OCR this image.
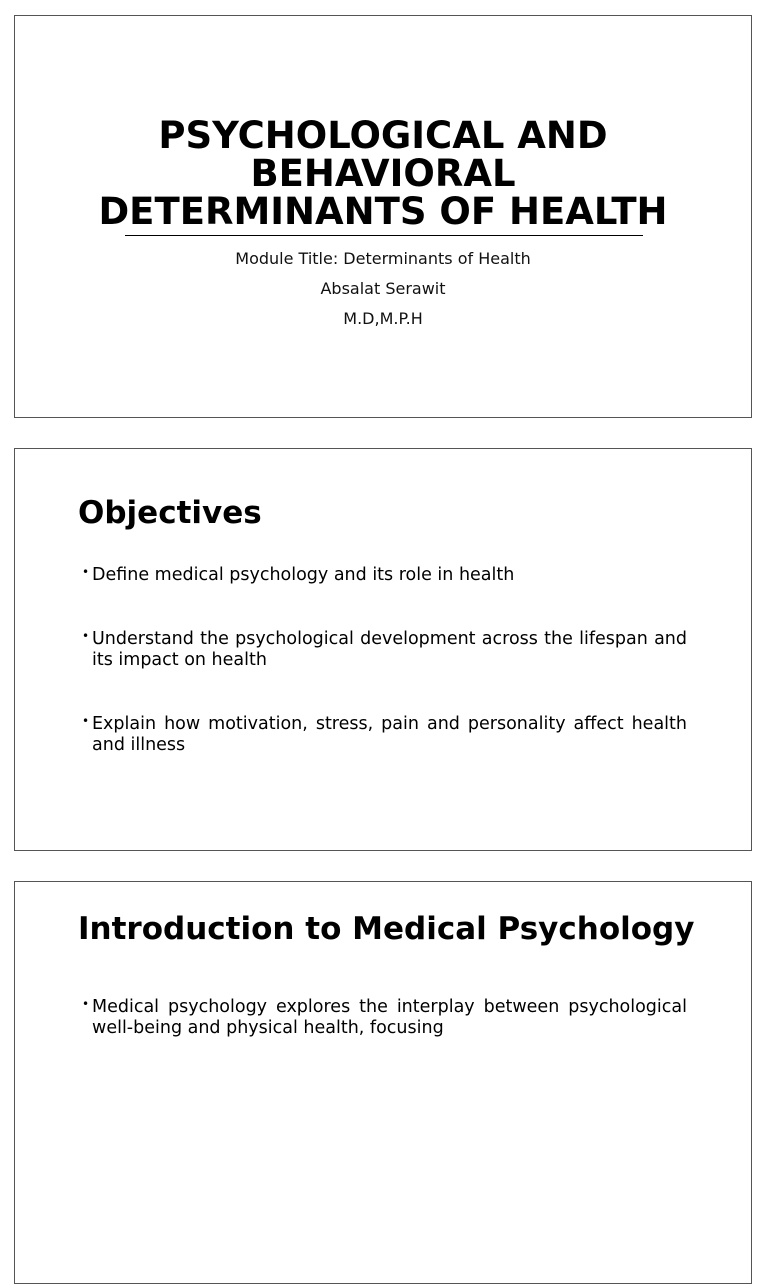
PSYCHOLOGICAL AND
BEHAVIORAL
DETERMINANTS OF HEALTH
Module Title: Determinants of Health
Absalat Serawit
M.D,M.P.H
Objectives
• Define medical psychology and its role in health
• Understand the psychological development across the lifespan and its impact on health
• Explain how motivation, stress, pain and personality affect health and illness
Introduction to Medical Psychology
• Medical psychology explores the interplay between psychological well-being and physical health, focusing
